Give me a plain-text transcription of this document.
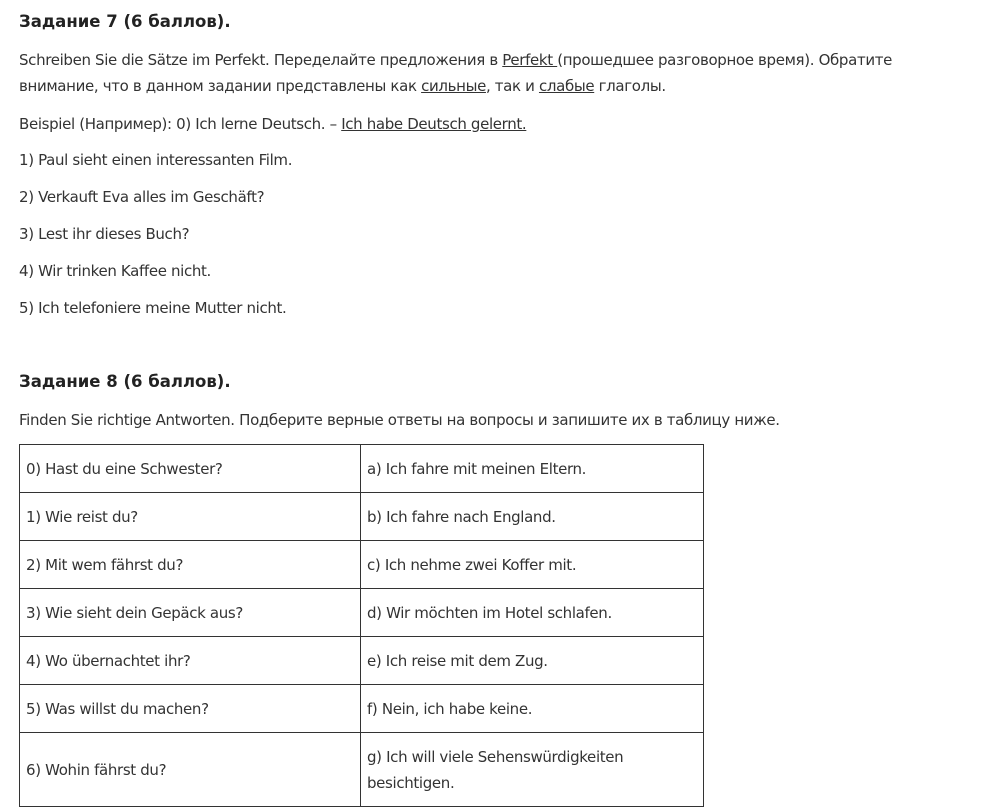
Задание 7 (6 баллов).

Schreiben Sie die Sätze im Perfekt. Переделайте предложения в Perfekt (прошедшее разговорное время). Обратите внимание, что в данном задании представлены как сильные, так и слабые глаголы.

Beispiel (Например): 0) Ich lerne Deutsch. – Ich habe Deutsch gelernt.

1) Paul sieht einen interessanten Film.

2) Verkauft Eva alles im Geschäft?

3) Lest ihr dieses Buch?

4) Wir trinken Kaffee nicht.

5) Ich telefoniere meine Mutter nicht.

Задание 8 (6 баллов).

Finden Sie richtige Antworten. Подберите верные ответы на вопросы и запишите их в таблицу ниже.

0) Hast du eine Schwester?	a) Ich fahre mit meinen Eltern.
1) Wie reist du?	b) Ich fahre nach England.
2) Mit wem fährst du?	c) Ich nehme zwei Koffer mit.
3) Wie sieht dein Gepäck aus?	d) Wir möchten im Hotel schlafen.
4) Wo übernachtet ihr?	e) Ich reise mit dem Zug.
5) Was willst du machen?	f) Nein, ich habe keine.
6) Wohin fährst du?	g) Ich will viele Sehenswürdigkeiten besichtigen.
